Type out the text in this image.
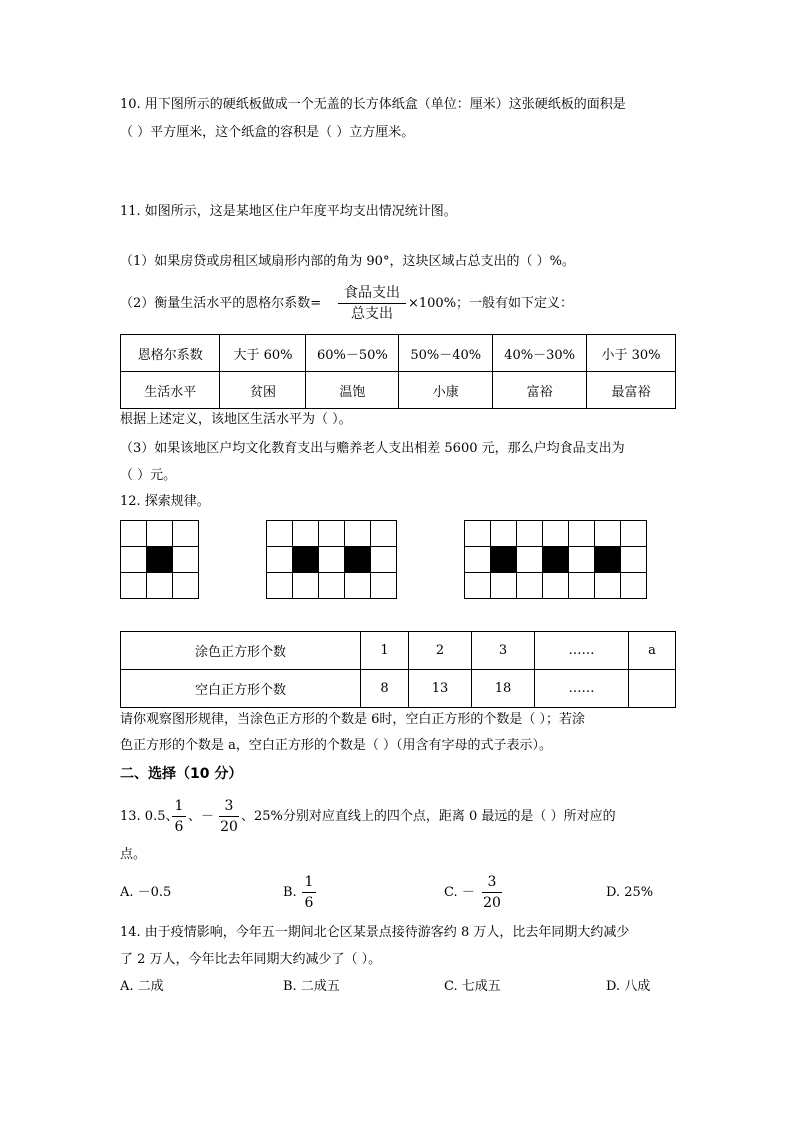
10. 用下图所示的硬纸板做成一个无盖的长方体纸盒（单位：厘米）这张硬纸板的面积是
（ ）平方厘米，这个纸盒的容积是（ ）立方厘米。
11. 如图所示，这是某地区住户年度平均支出情况统计图。
（1）如果房贷或房租区域扇形内部的角为 90°，这块区域占总支出的（ ）%。
（2）衡量生活水平的恩格尔系数=
食品支出
总支出
×100%；一般有如下定义：
恩格尔系数	大于 60%	60%－50%	50%－40%	40%－30%	小于 30%
生活水平	贫困	温饱	小康	富裕	最富裕
根据上述定义，该地区生活水平为（ ）。
（3）如果该地区户均文化教育支出与赡养老人支出相差 5600 元，那么户均食品支出为
（ ）元。
12. 探索规律。
涂色正方形个数	1	2	3	……	a
空白正方形个数	8	13	18	……	
请你观察图形规律，当涂色正方形的个数是 6时，空白正方形的个数是（ ）；若涂
色正方形的个数是 a，空白正方形的个数是（ ）（用含有字母的式子表示）。
二、选择（10 分）
13. 0.5、
1
6
、－
3
20
、25%分别对应直线上的四个点，距离 0 最远的是（ ）所对应的
点。
A. －0.5	B.
1
6
C. －
3
20
D. 25%
14. 由于疫情影响，今年五一期间北仑区某景点接待游客约 8 万人，比去年同期大约减少
了 2 万人，今年比去年同期大约减少了（ ）。
A. 二成	B. 二成五	C. 七成五	D. 八成
